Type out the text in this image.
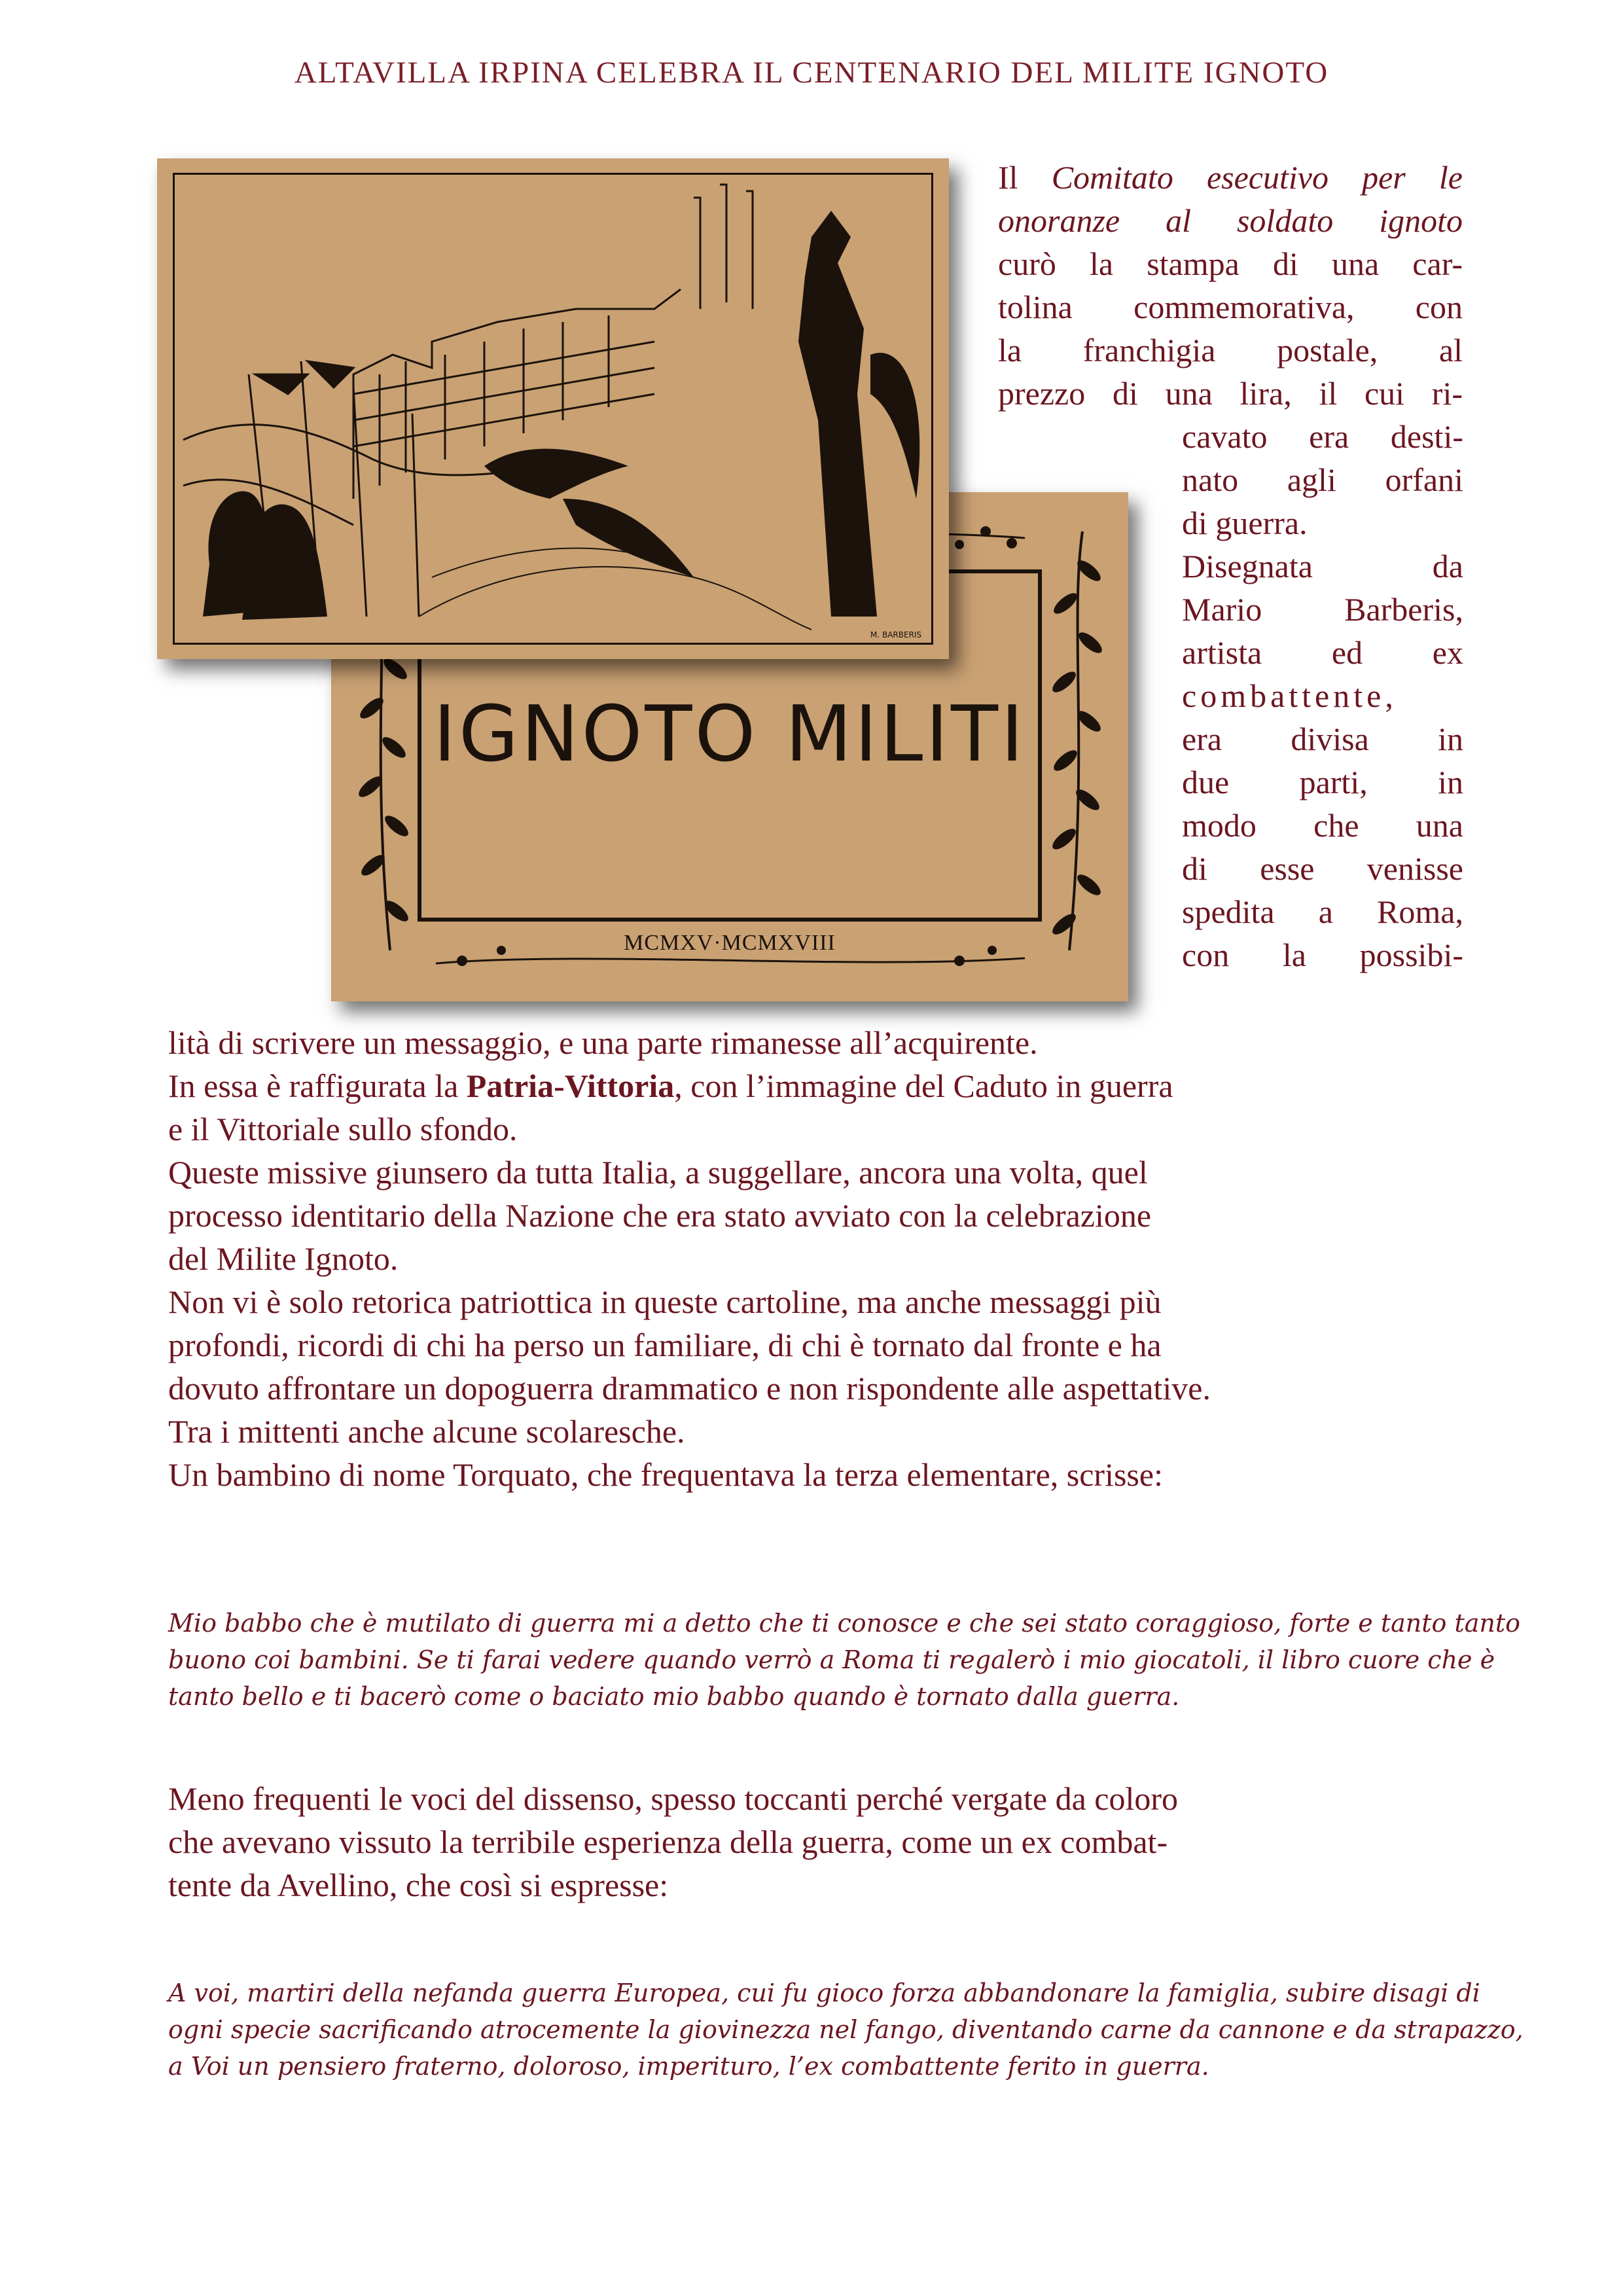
ALTAVILLA IRPINA CELEBRA IL CENTENARIO DEL MILITE IGNOTO
IGNOTO MILITI
MCMXV·MCMXVIII
M. BARBERIS
Il Comitato esecutivo per le
onoranze al soldato ignoto
curò la stampa di una car-
tolina commemorativa, con
la franchigia postale, al
prezzo di una lira, il cui ri-
cavato era desti-
nato agli orfani
di guerra.
Disegnata da
Mario Barberis,
artista ed ex
combattente,
era divisa in
due parti, in
modo che una
di esse venisse
spedita a Roma,
con la possibi-
lità di scrivere un messaggio, e una parte rimanesse all’acquirente.
In essa è raffigurata la Patria-Vittoria, con l’immagine del Caduto in guerra
e il Vittoriale sullo sfondo.
Queste missive giunsero da tutta Italia, a suggellare, ancora una volta, quel
processo identitario della Nazione che era stato avviato con la celebrazione
del Milite Ignoto.
Non vi è solo retorica patriottica in queste cartoline, ma anche messaggi più
profondi, ricordi di chi ha perso un familiare, di chi è tornato dal fronte e ha
dovuto affrontare un dopoguerra drammatico e non rispondente alle aspettative.
Tra i mittenti anche alcune scolaresche.
Un bambino di nome Torquato, che frequentava la terza elementare, scrisse:
Mio babbo che è mutilato di guerra mi a detto che ti conosce e che sei stato coraggioso, forte e tanto tanto
buono coi bambini. Se ti farai vedere quando verrò a Roma ti regalerò i mio giocatoli, il libro cuore che è
tanto bello e ti bacerò come o baciato mio babbo quando è tornato dalla guerra.
Meno frequenti le voci del dissenso, spesso toccanti perché vergate da coloro
che avevano vissuto la terribile esperienza della guerra, come un ex combat-
tente da Avellino, che così si espresse:
A voi, martiri della nefanda guerra Europea, cui fu gioco forza abbandonare la famiglia, subire disagi di
ogni specie sacrificando atrocemente la giovinezza nel fango, diventando carne da cannone e da strapazzo,
a Voi un pensiero fraterno, doloroso, imperituro, l’ex combattente ferito in guerra.
